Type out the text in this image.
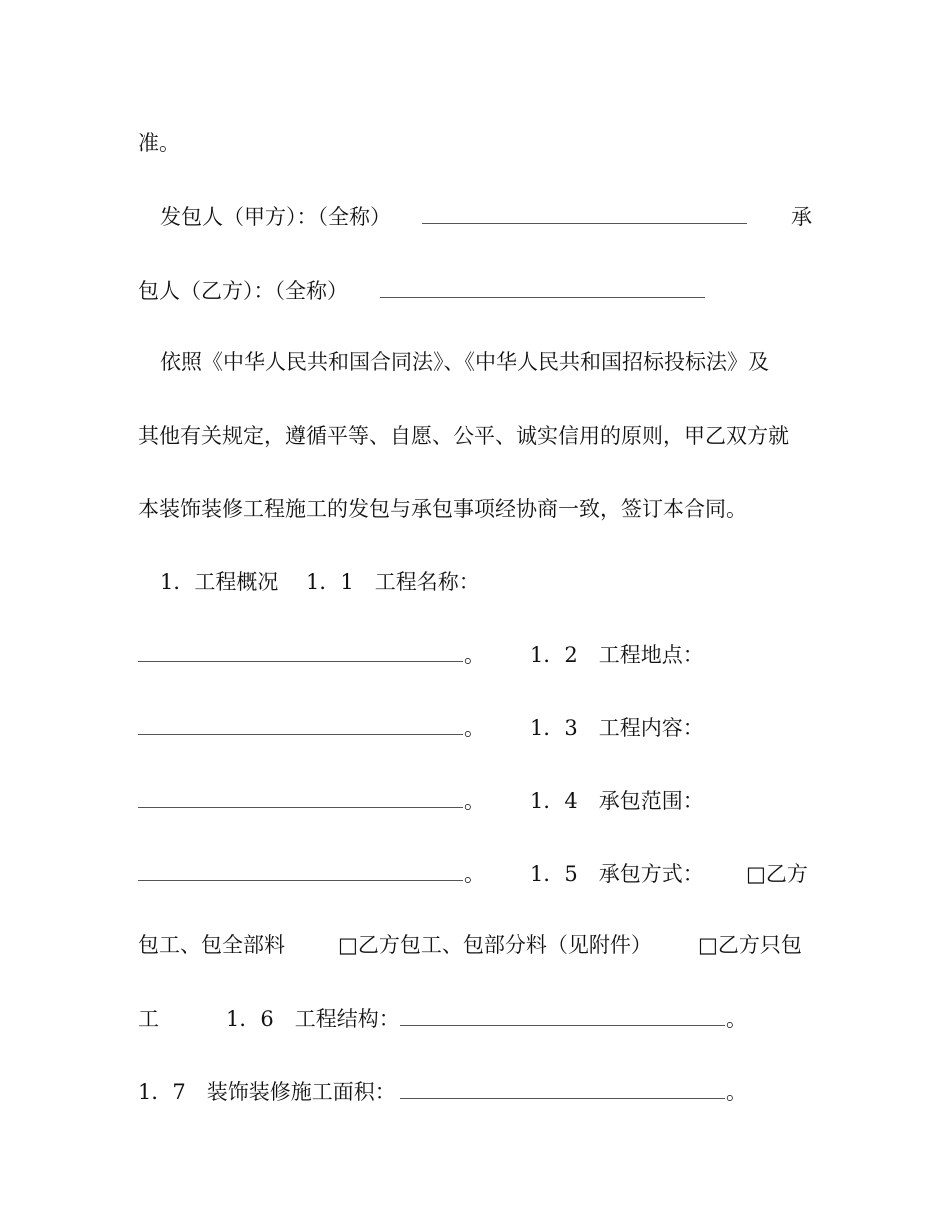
准。
发包人（甲方）：（全称）	承
包人（乙方）：（全称）
依照《中华人民共和国合同法》、《中华人民共和国招标投标法》及
其他有关规定，遵循平等、自愿、公平、诚实信用的原则，甲乙双方就
本装饰装修工程施工的发包与承包事项经协商一致，签订本合同。
1．工程概况　 1．1　工程名称：
。 1．2　工程地点：
。 1．3　工程内容：
。 1．4　承包范围：
。 1．5　承包方式： □乙方
包工、包全部料	□乙方包工、包部分料（见附件） □乙方只包
工	1．6　工程结构：	。
1．7　装饰装修施工面积：	。
